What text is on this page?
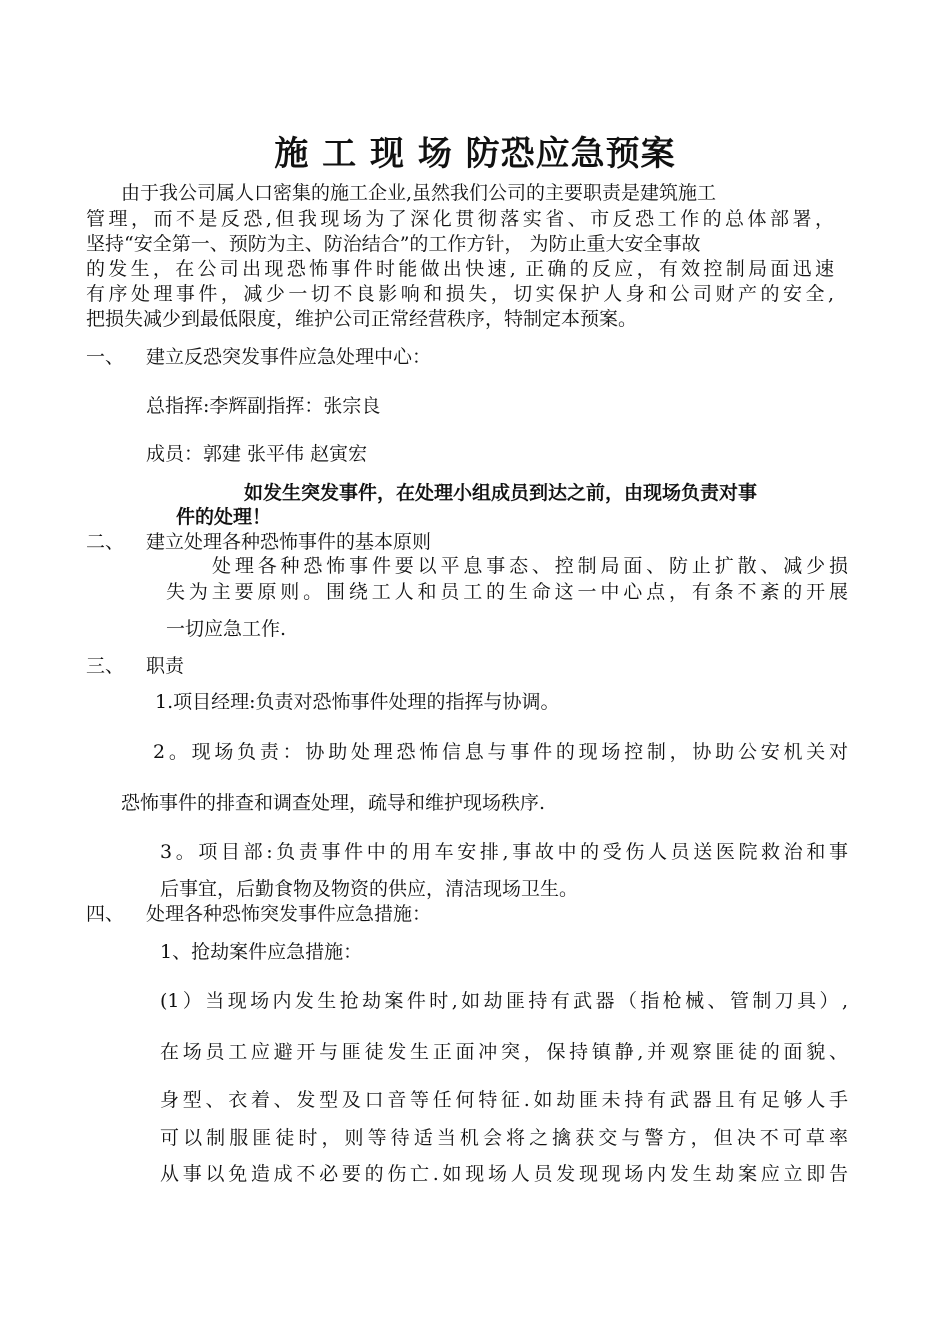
施 工 现 场 防恐应急预案
由于我公司属人口密集的施工企业,虽然我们公司的主要职责是建筑施工
管理，而不是反恐,但我现场为了深化贯彻落实省、市反恐工作的总体部署，
坚持“安全第一、预防为主、防治结合”的工作方针， 为防止重大安全事故
的发生，在公司出现恐怖事件时能做出快速, 正确的反应，有效控制局面迅速
有序处理事件，减少一切不良影响和损失，切实保护人身和公司财产的安全,
把损失减少到最低限度，维护公司正常经营秩序，特制定本预案。
一、 建立反恐突发事件应急处理中心：
总指挥:李辉副指挥：张宗良
成员：郭建 张平伟 赵寅宏
如发生突发事件，在处理小组成员到达之前，由现场负责对事
件的处理！
二、 建立处理各种恐怖事件的基本原则
处理各种恐怖事件要以平息事态、控制局面、防止扩散、减少损
失为主要原则。围绕工人和员工的生命这一中心点，有条不紊的开展
一切应急工作.
三、 职责
1.项目经理:负责对恐怖事件处理的指挥与协调。
2。现场负责：协助处理恐怖信息与事件的现场控制，协助公安机关对
恐怖事件的排查和调查处理，疏导和维护现场秩序.
3。项目部:负责事件中的用车安排,事故中的受伤人员送医院救治和事
后事宜，后勤食物及物资的供应，清洁现场卫生。
四、 处理各种恐怖突发事件应急措施：
1、抢劫案件应急措施：
(1）当现场内发生抢劫案件时,如劫匪持有武器（指枪械、管制刀具）,
在场员工应避开与匪徒发生正面冲突，保持镇静,并观察匪徒的面貌、
身型、衣着、发型及口音等任何特征.如劫匪未持有武器且有足够人手
可以制服匪徒时，则等待适当机会将之擒获交与警方，但决不可草率
从事以免造成不必要的伤亡.如现场人员发现现场内发生劫案应立即告
